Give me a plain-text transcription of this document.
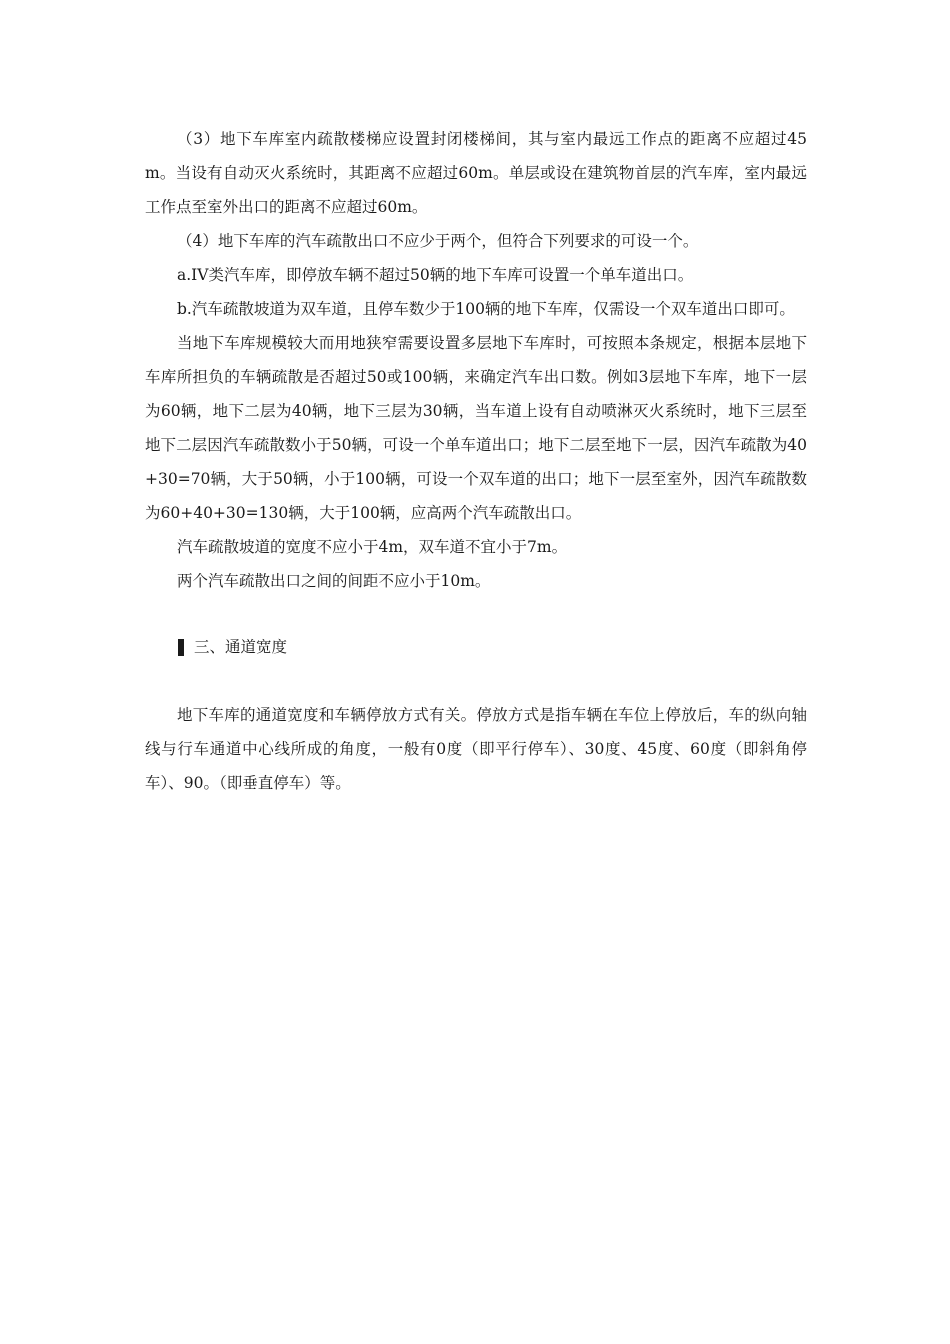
（3）地下车库室内疏散楼梯应设置封闭楼梯间，其与室内最远工作点的距离不应超过45m。当设有自动灭火系统时，其距离不应超过60m。单层或设在建筑物首层的汽车库，室内最远工作点至室外出口的距离不应超过60m。

（4）地下车库的汽车疏散出口不应少于两个，但符合下列要求的可设一个。

a.IV类汽车库，即停放车辆不超过50辆的地下车库可设置一个单车道出口。

b.汽车疏散坡道为双车道，且停车数少于100辆的地下车库，仅需设一个双车道出口即可。

当地下车库规模较大而用地狭窄需要设置多层地下车库时，可按照本条规定，根据本层地下车库所担负的车辆疏散是否超过50或100辆，来确定汽车出口数。例如3层地下车库，地下一层为60辆，地下二层为40辆，地下三层为30辆，当车道上设有自动喷淋灭火系统时，地下三层至地下二层因汽车疏散数小于50辆，可设一个单车道出口；地下二层至地下一层，因汽车疏散为40+30=70辆，大于50辆，小于100辆，可设一个双车道的出口；地下一层至室外，因汽车疏散数为60+40+30=130辆，大于100辆，应高两个汽车疏散出口。

汽车疏散坡道的宽度不应小于4m，双车道不宜小于7m。

两个汽车疏散出口之间的间距不应小于10m。

三、通道宽度

地下车库的通道宽度和车辆停放方式有关。停放方式是指车辆在车位上停放后，车的纵向轴线与行车通道中心线所成的角度，一般有0度（即平行停车）、30度、45度、60度（即斜角停车）、90。（即垂直停车）等。
